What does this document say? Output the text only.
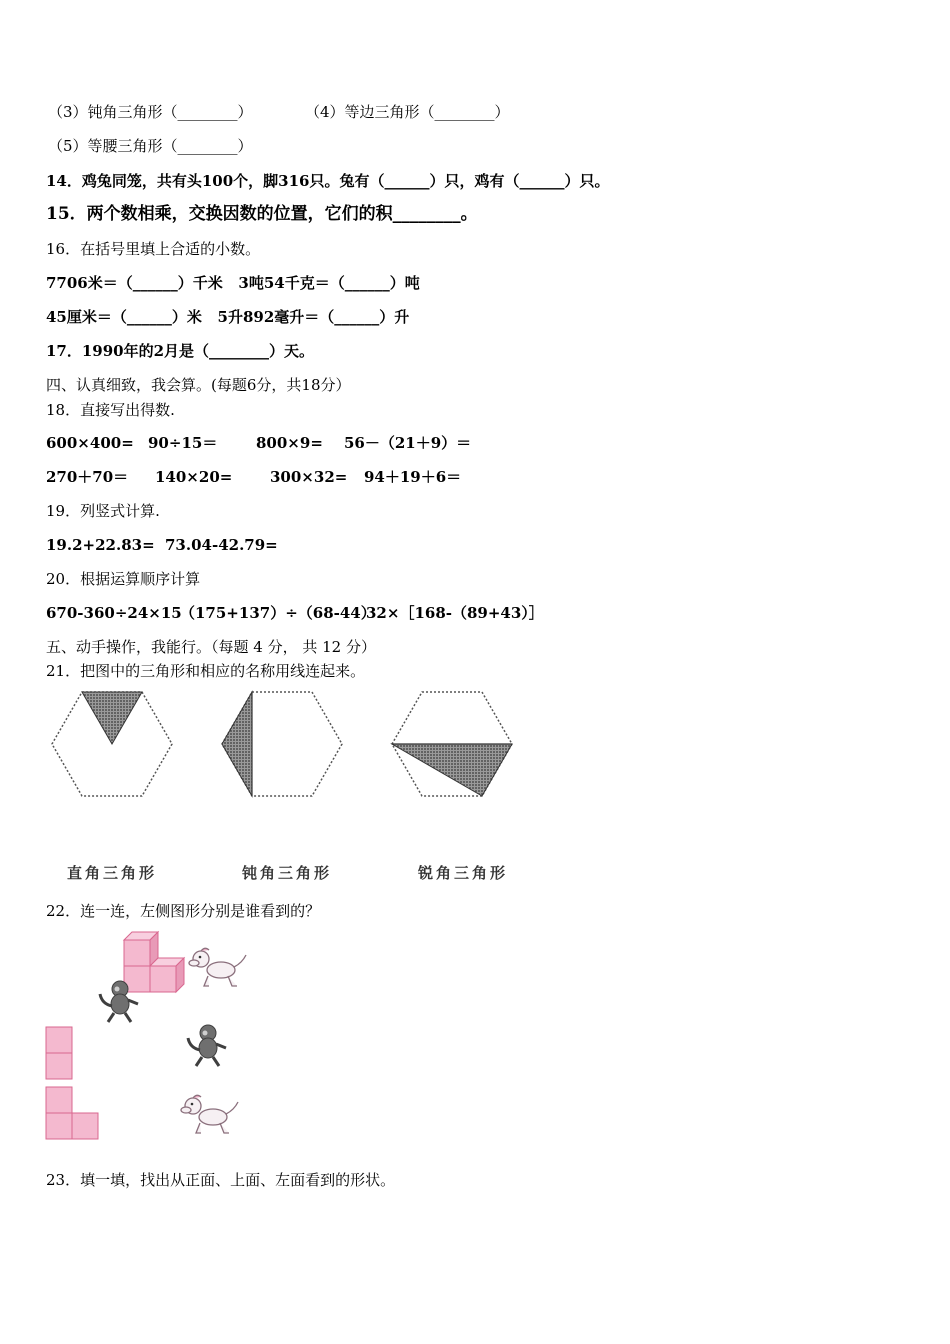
（3）钝角三角形（________）	（4）等边三角形（________）
（5）等腰三角形（________）
14．鸡兔同笼，共有头100个，脚316只。兔有（______）只，鸡有（______）只。
15．两个数相乘，交换因数的位置，它们的积________。
16．在括号里填上合适的小数。
7706米＝（______）千米   3吨54千克＝（______）吨
45厘米＝（______）米   5升892毫升＝（______）升
17．1990年的2月是（________）天。
四、认真细致，我会算。(每题6分，共18分）
18．直接写出得数.
600×400= 90÷15＝	800×9= 56－（21＋9）＝
270＋70＝ 140×20=	300×32= 94＋19＋6＝
19．列竖式计算.
19.2+22.83= 73.04-42.79=
20．根据运算顺序计算
670-360÷24×15
（175+137）÷（68-44）
32×［168-（89+43）］
五、动手操作，我能行。（每题 4 分， 共 12 分）
21．把图中的三角形和相应的名称用线连起来。
直角三角形	钝角三角形	锐角三角形
22．连一连，左侧图形分别是谁看到的？
23．填一填，找出从正面、上面、左面看到的形状。
